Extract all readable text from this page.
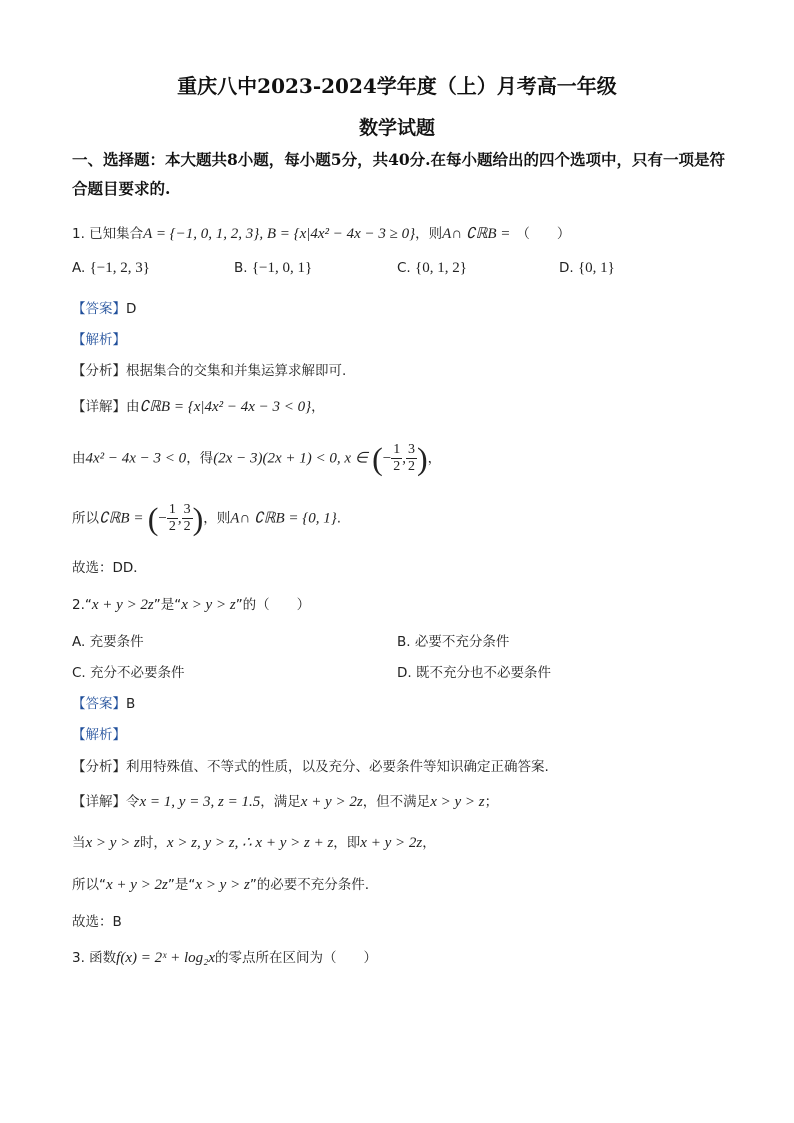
重庆八中2023-2024学年度（上）月考高一年级
数学试题
一、选择题：本大题共8小题，每小题5分，共40分.在每小题给出的四个选项中，只有一项是符合题目要求的.
1. 已知集合A = {−1, 0, 1, 2, 3}, B = {x|4x² − 4x − 3 ≥ 0}，则A∩ ∁ℝB = （　　）
A. {−1, 2, 3}	B. {−1, 0, 1}	C. {0, 1, 2}	D. {0, 1}
【答案】D
【解析】
【分析】根据集合的交集和并集运算求解即可.
【详解】由∁ℝB = {x|4x² − 4x − 3 < 0}，
由4x² − 4x − 3 < 0，得(2x − 3)(2x + 1) < 0, x ∈ (− $\frac{1}{2}$ , $\frac{3}{2}$ )，
所以∁ℝB = (− $\frac{1}{2}$ , $\frac{3}{2}$ )，则A∩ ∁ℝB = {0, 1}.
故选：DD．
2.“x + y > 2z”是“x > y > z”的（　　）
A. 充要条件	B. 必要不充分条件
C. 充分不必要条件	D. 既不充分也不必要条件
【答案】B
【解析】
【分析】利用特殊值、不等式的性质，以及充分、必要条件等知识确定正确答案.
【详解】令x = 1, y = 3, z = 1.5，满足x + y > 2z，但不满足x > y > z；
当x > y > z时，x > z, y > z, ∴ x + y > z + z，即x + y > 2z，
所以“x + y > 2z”是“x > y > z”的必要不充分条件.
故选：B
3. 函数f(x) = 2ˣ + log₂x的零点所在区间为（　　）
